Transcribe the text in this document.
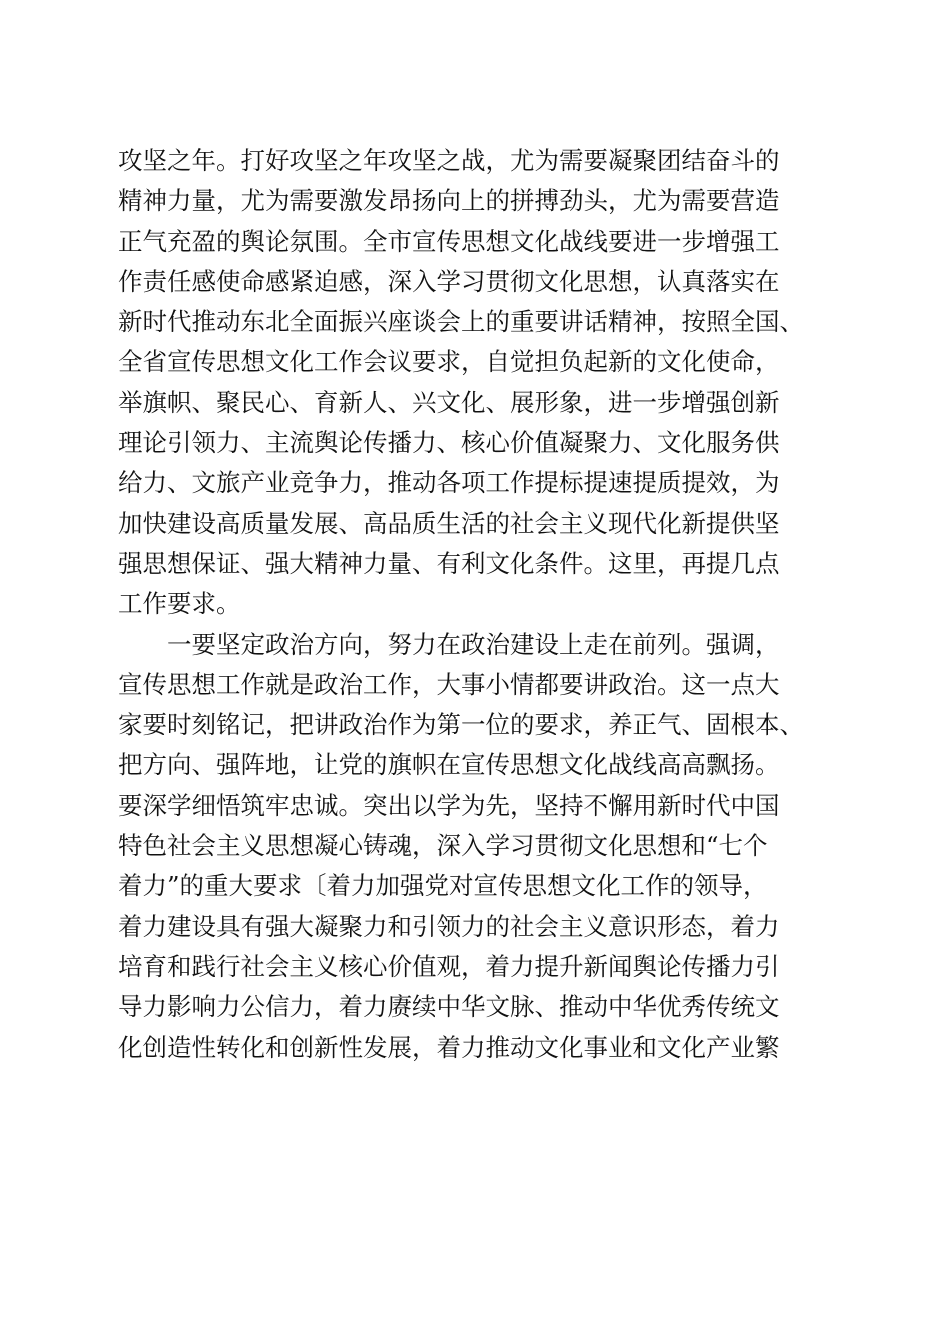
攻坚之年。打好攻坚之年攻坚之战，尤为需要凝聚团结奋斗的
精神力量，尤为需要激发昂扬向上的拼搏劲头，尤为需要营造
正气充盈的舆论氛围。全市宣传思想文化战线要进一步增强工
作责任感使命感紧迫感，深入学习贯彻文化思想，认真落实在
新时代推动东北全面振兴座谈会上的重要讲话精神，按照全国、
全省宣传思想文化工作会议要求，自觉担负起新的文化使命，
举旗帜、聚民心、育新人、兴文化、展形象，进一步增强创新
理论引领力、主流舆论传播力、核心价值凝聚力、文化服务供
给力、文旅产业竞争力，推动各项工作提标提速提质提效，为
加快建设高质量发展、高品质生活的社会主义现代化新提供坚
强思想保证、强大精神力量、有利文化条件。这里，再提几点
工作要求。
一要坚定政治方向，努力在政治建设上走在前列。强调，
宣传思想工作就是政治工作，大事小情都要讲政治。这一点大
家要时刻铭记，把讲政治作为第一位的要求，养正气、固根本、
把方向、强阵地，让党的旗帜在宣传思想文化战线高高飘扬。
要深学细悟筑牢忠诚。突出以学为先，坚持不懈用新时代中国
特色社会主义思想凝心铸魂，深入学习贯彻文化思想和“七个
着力”的重大要求〔着力加强党对宣传思想文化工作的领导，
着力建设具有强大凝聚力和引领力的社会主义意识形态，着力
培育和践行社会主义核心价值观，着力提升新闻舆论传播力引
导力影响力公信力，着力赓续中华文脉、推动中华优秀传统文
化创造性转化和创新性发展，着力推动文化事业和文化产业繁
